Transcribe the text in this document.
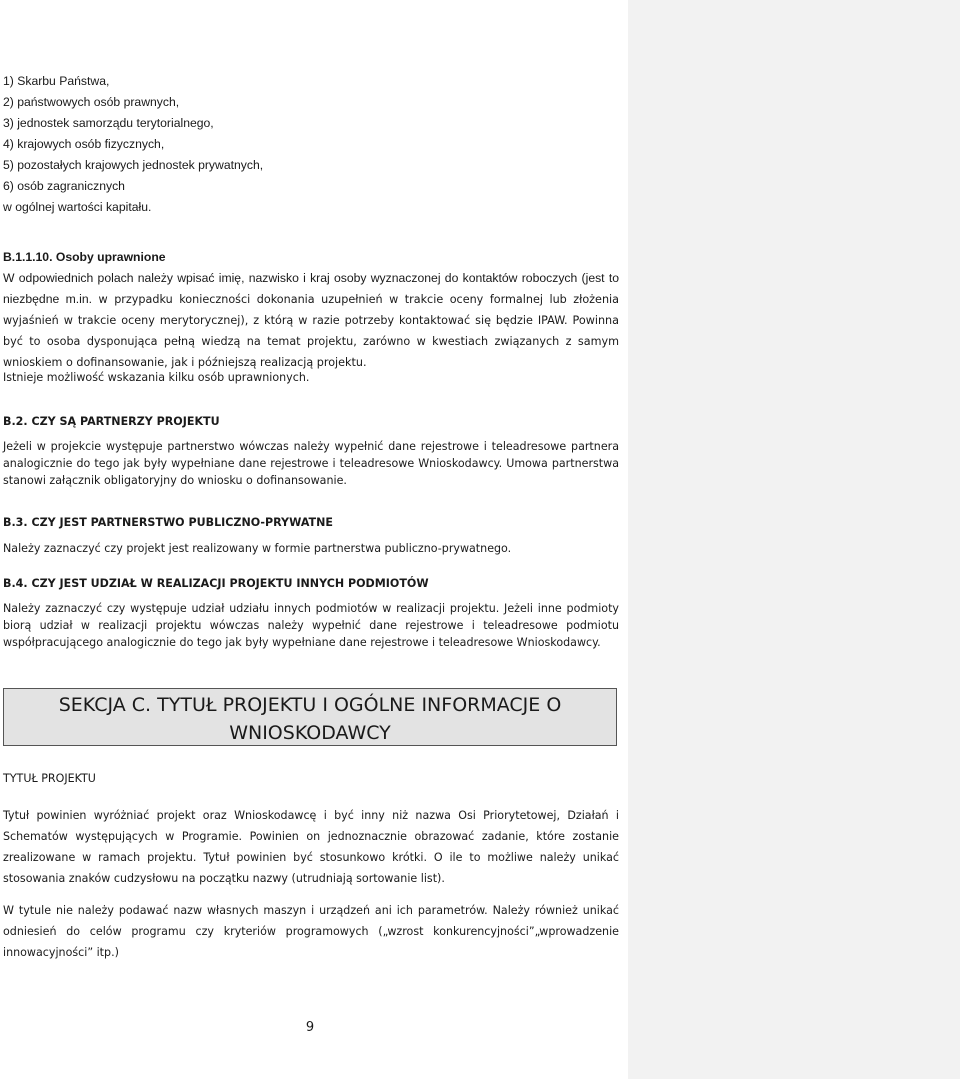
1) Skarbu Państwa,
2) państwowych osób prawnych,
3) jednostek samorządu terytorialnego,
4) krajowych osób fizycznych,
5) pozostałych krajowych jednostek prywatnych,
6) osób zagranicznych
w ogólnej wartości kapitału.
B.1.1.10. Osoby uprawnione

W odpowiednich polach należy wpisać imię, nazwisko i kraj osoby wyznaczonej do kontaktów roboczych (jest to niezbędne m.in. w przypadku konieczności dokonania uzupełnień w trakcie oceny formalnej lub złożenia wyjaśnień w trakcie oceny merytorycznej), z którą w razie potrzeby kontaktować się będzie IPAW. Powinna być to osoba dysponująca pełną wiedzą na temat projektu, zarówno w kwestiach związanych z samym wnioskiem o dofinansowanie, jak i późniejszą realizacją projektu.

Istnieje możliwość wskazania kilku osób uprawnionych.

B.2. CZY SĄ PARTNERZY PROJEKTU

Jeżeli w projekcie występuje partnerstwo wówczas należy wypełnić dane rejestrowe i teleadresowe partnera analogicznie do tego jak były wypełniane dane rejestrowe i teleadresowe Wnioskodawcy. Umowa partnerstwa stanowi załącznik obligatoryjny do wniosku o dofinansowanie.

B.3. CZY JEST PARTNERSTWO PUBLICZNO-PRYWATNE

Należy zaznaczyć czy projekt jest realizowany w formie partnerstwa publiczno-prywatnego.

B.4. CZY JEST UDZIAŁ W REALIZACJI PROJEKTU INNYCH PODMIOTÓW

Należy zaznaczyć czy występuje udział udziału innych podmiotów w realizacji projektu. Jeżeli inne podmioty biorą udział w realizacji projektu wówczas należy wypełnić dane rejestrowe i teleadresowe podmiotu współpracującego analogicznie do tego jak były wypełniane dane rejestrowe i teleadresowe Wnioskodawcy.

SEKCJA C. TYTUŁ PROJEKTU I OGÓLNE INFORMACJE O
WNIOSKODAWCY
TYTUŁ PROJEKTU

Tytuł powinien wyróżniać projekt oraz Wnioskodawcę i być inny niż nazwa Osi Priorytetowej, Działań i Schematów występujących w Programie. Powinien on jednoznacznie obrazować zadanie, które zostanie zrealizowane w ramach projektu. Tytuł powinien być stosunkowo krótki. O ile to możliwe należy unikać stosowania znaków cudzysłowu na początku nazwy (utrudniają sortowanie list).

W tytule nie należy podawać nazw własnych maszyn i urządzeń ani ich parametrów. Należy również unikać odniesień do celów programu czy kryteriów programowych („wzrost konkurencyjności”„wprowadzenie innowacyjności” itp.)

9
